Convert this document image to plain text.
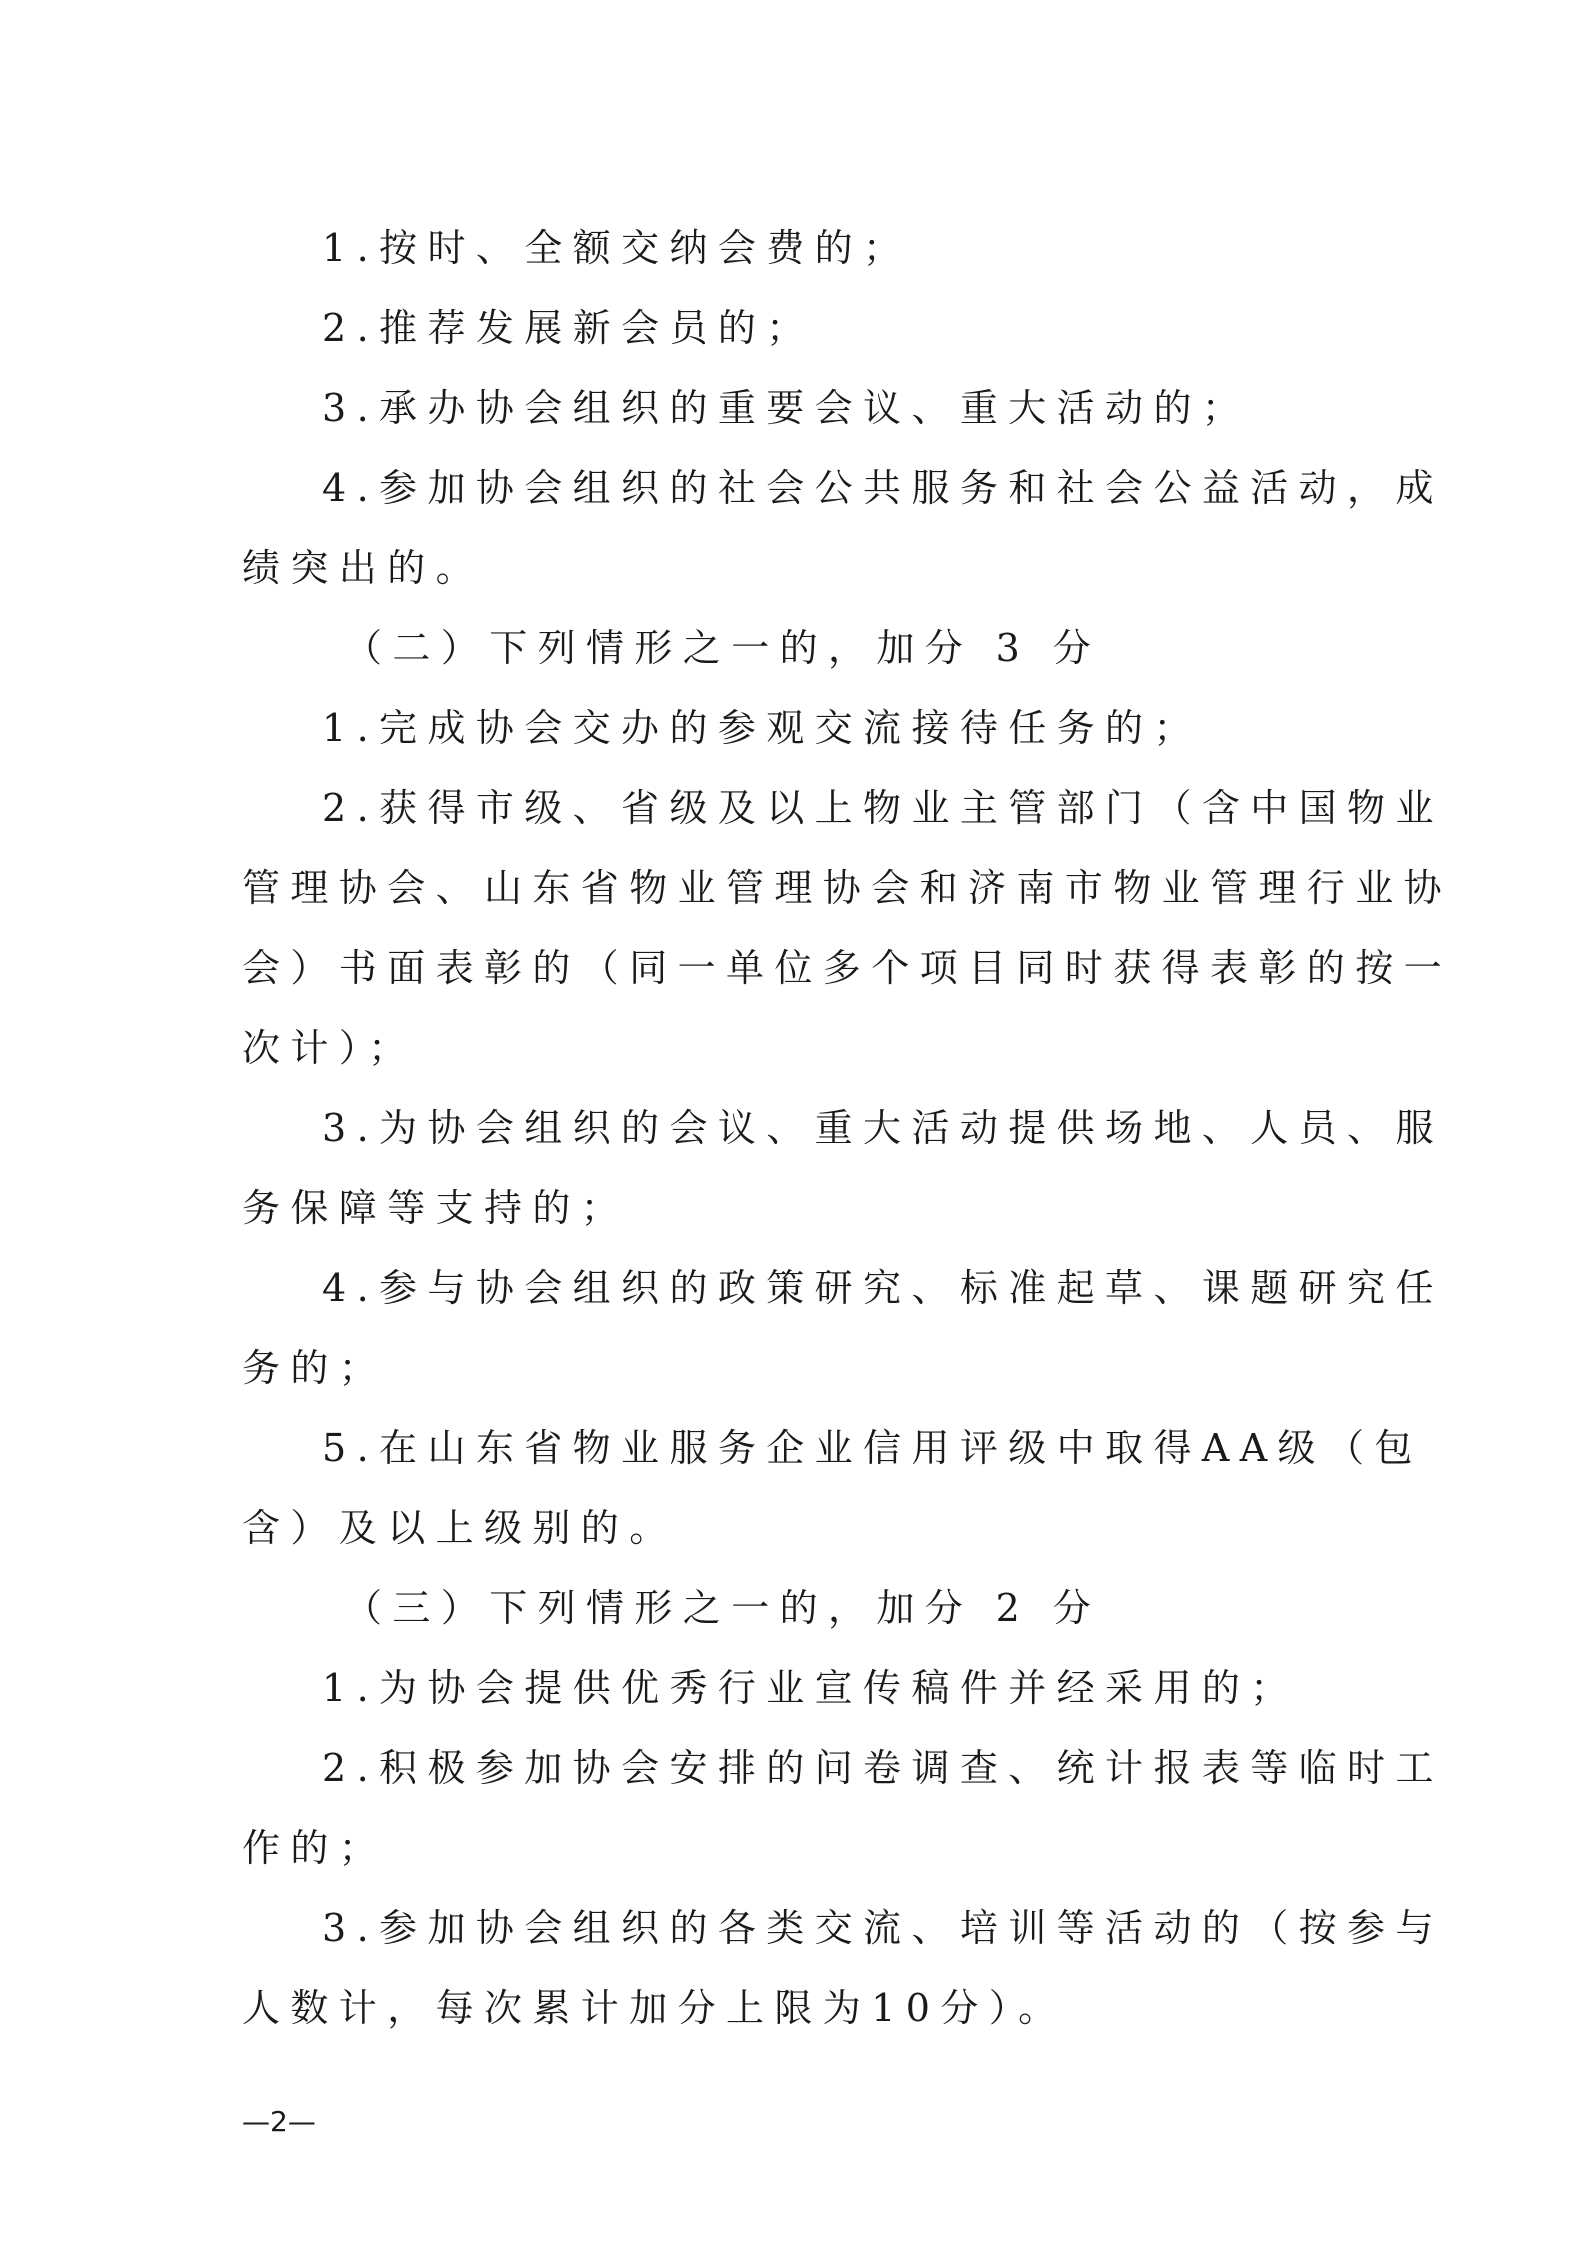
1.按时、全额交纳会费的；
2.推荐发展新会员的；
3.承办协会组织的重要会议、重大活动的；
4.参加协会组织的社会公共服务和社会公益活动，成
绩突出的。
（二）下列情形之一的，加分 3 分
1.完成协会交办的参观交流接待任务的；
2.获得市级、省级及以上物业主管部门（含中国物业
管理协会、山东省物业管理协会和济南市物业管理行业协
会）书面表彰的（同一单位多个项目同时获得表彰的按一
次计）；
3.为协会组织的会议、重大活动提供场地、人员、服
务保障等支持的；
4.参与协会组织的政策研究、标准起草、课题研究任
务的；
5.在山东省物业服务企业信用评级中取得AA级（包
含）及以上级别的。
（三）下列情形之一的，加分 2 分
1.为协会提供优秀行业宣传稿件并经采用的；
2.积极参加协会安排的问卷调查、统计报表等临时工
作的；
3.参加协会组织的各类交流、培训等活动的（按参与
人数计，每次累计加分上限为10分）。
—2—
